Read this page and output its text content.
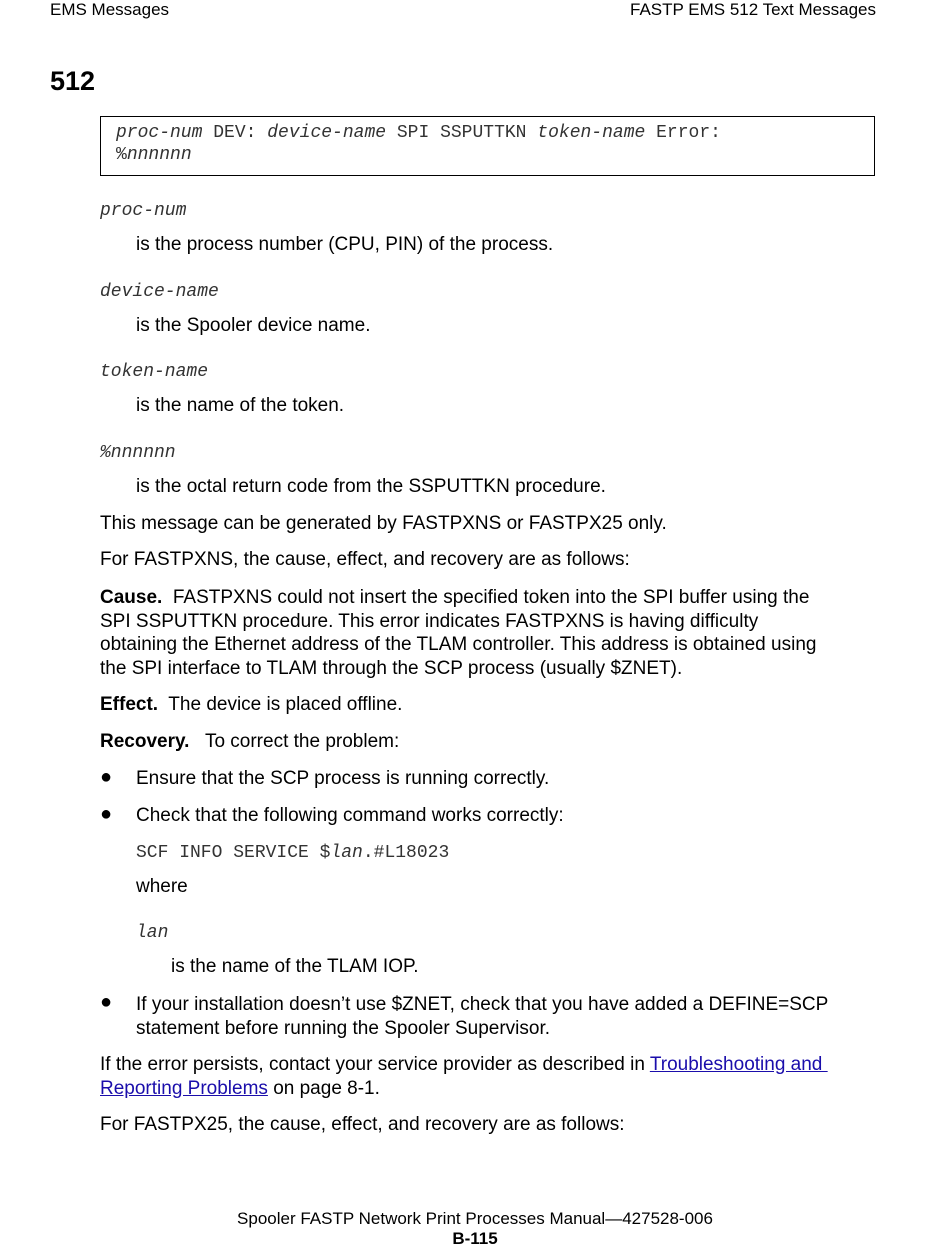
EMS Messages	FASTP EMS 512 Text Messages
512
proc-num DEV: device-name SPI SSPUTTKN token-name Error:
%nnnnnn
proc-num
is the process number (CPU, PIN) of the process.
device-name
is the Spooler device name.
token-name
is the name of the token.
%nnnnnn
is the octal return code from the SSPUTTKN procedure.
This message can be generated by FASTPXNS or FASTPX25 only.
For FASTPXNS, the cause, effect, and recovery are as follows:
Cause. FASTPXNS could not insert the specified token into the SPI buffer using the
SPI SSPUTTKN procedure. This error indicates FASTPXNS is having difficulty
obtaining the Ethernet address of the TLAM controller. This address is obtained using
the SPI interface to TLAM through the SCP process (usually $ZNET).
Effect. The device is placed offline.
Recovery. To correct the problem:
● Ensure that the SCP process is running correctly.
● Check that the following command works correctly:
SCF INFO SERVICE $lan.#L18023
where
lan
is the name of the TLAM IOP.
● If your installation doesn’t use $ZNET, check that you have added a DEFINE=SCP
statement before running the Spooler Supervisor.
If the error persists, contact your service provider as described in Troubleshooting and
Reporting Problems on page 8-1.
For FASTPX25, the cause, effect, and recovery are as follows:
Spooler FASTP Network Print Processes Manual—427528-006
B-115
